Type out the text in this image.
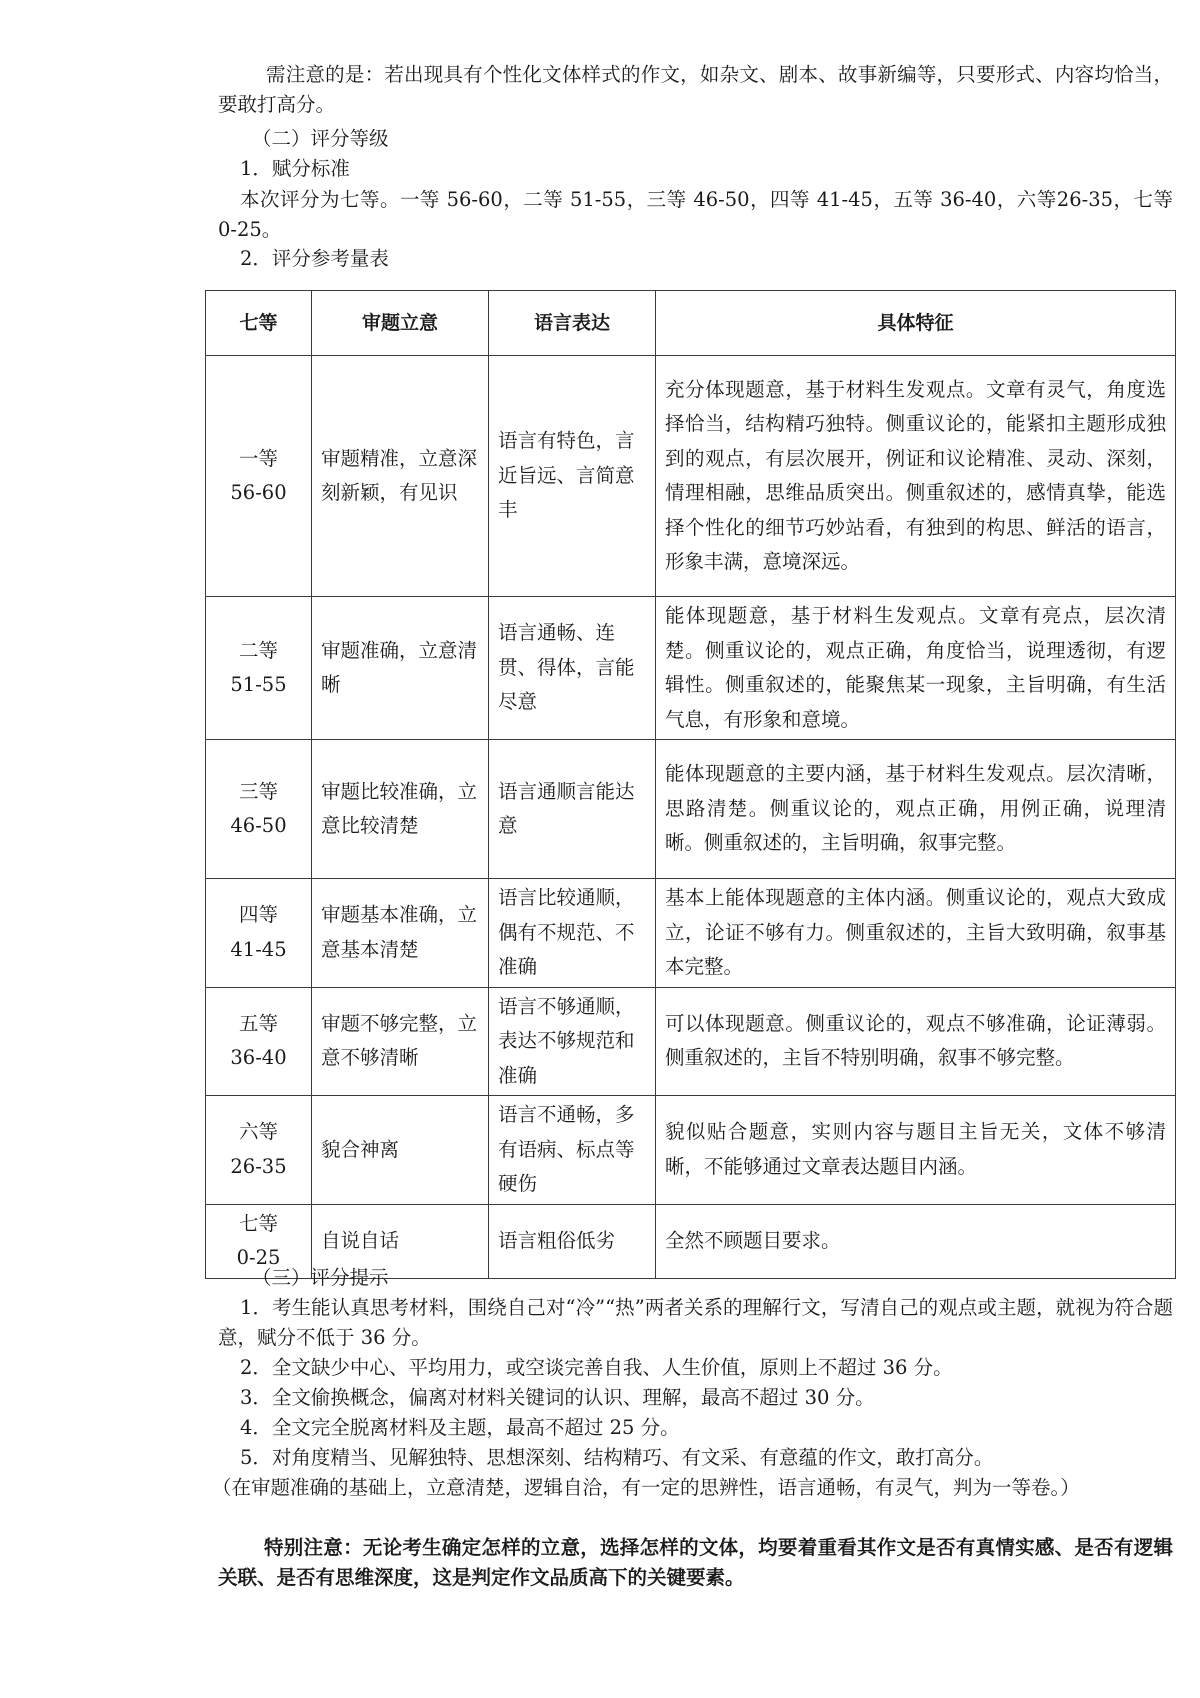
需注意的是：若出现具有个性化文体样式的作文，如杂文、剧本、故事新编等，只要形式、内容均恰当，要敢打高分。

（二）评分等级

1．赋分标准

本次评分为七等。一等 56-60，二等 51-55，三等 46-50，四等 41-45，五等 36-40，六等26-35，七等 0-25。

2．评分参考量表

七等	审题立意	语言表达	具体特征

一等
56-60	审题精准，立意深刻新颖，有见识	语言有特色，言近旨远、言简意丰	充分体现题意，基于材料生发观点。文章有灵气，角度选择恰当，结构精巧独特。侧重议论的，能紧扣主题形成独到的观点，有层次展开，例证和议论精准、灵动、深刻，情理相融，思维品质突出。侧重叙述的，感情真挚，能选择个性化的细节巧妙站看，有独到的构思、鲜活的语言，形象丰满，意境深远。

二等
51-55	审题准确，立意清晰	语言通畅、连贯、得体，言能尽意	能体现题意，基于材料生发观点。文章有亮点，层次清楚。侧重议论的，观点正确，角度恰当，说理透彻，有逻辑性。侧重叙述的，能聚焦某一现象，主旨明确，有生活气息，有形象和意境。

三等
46-50	审题比较准确，立意比较清楚	语言通顺言能达意	能体现题意的主要内涵，基于材料生发观点。层次清晰，思路清楚。侧重议论的，观点正确，用例正确，说理清晰。侧重叙述的，主旨明确，叙事完整。

四等
41-45	审题基本准确，立意基本清楚	语言比较通顺，偶有不规范、不准确	基本上能体现题意的主体内涵。侧重议论的，观点大致成立，论证不够有力。侧重叙述的，主旨大致明确，叙事基本完整。

五等
36-40	审题不够完整，立意不够清晰	语言不够通顺，表达不够规范和准确	可以体现题意。侧重议论的，观点不够准确，论证薄弱。侧重叙述的，主旨不特别明确，叙事不够完整。

六等
26-35	貌合神离	语言不通畅，多有语病、标点等硬伤	貌似贴合题意，实则内容与题目主旨无关，文体不够清晰，不能够通过文章表达题目内涵。

七等
0-25	自说自话	语言粗俗低劣	全然不顾题目要求。

（三）评分提示

1．考生能认真思考材料，围绕自己对“冷”“热”两者关系的理解行文，写清自己的观点或主题，就视为符合题意，赋分不低于 36 分。

2．全文缺少中心、平均用力，或空谈完善自我、人生价值，原则上不超过 36 分。

3．全文偷换概念，偏离对材料关键词的认识、理解，最高不超过 30 分。

4．全文完全脱离材料及主题，最高不超过 25 分。

5．对角度精当、见解独特、思想深刻、结构精巧、有文采、有意蕴的作文，敢打高分。

（在审题准确的基础上，立意清楚，逻辑自洽，有一定的思辨性，语言通畅，有灵气，判为一等卷。）

特别注意：无论考生确定怎样的立意，选择怎样的文体，均要着重看其作文是否有真情实感、是否有逻辑关联、是否有思维深度，这是判定作文品质高下的关键要素。
